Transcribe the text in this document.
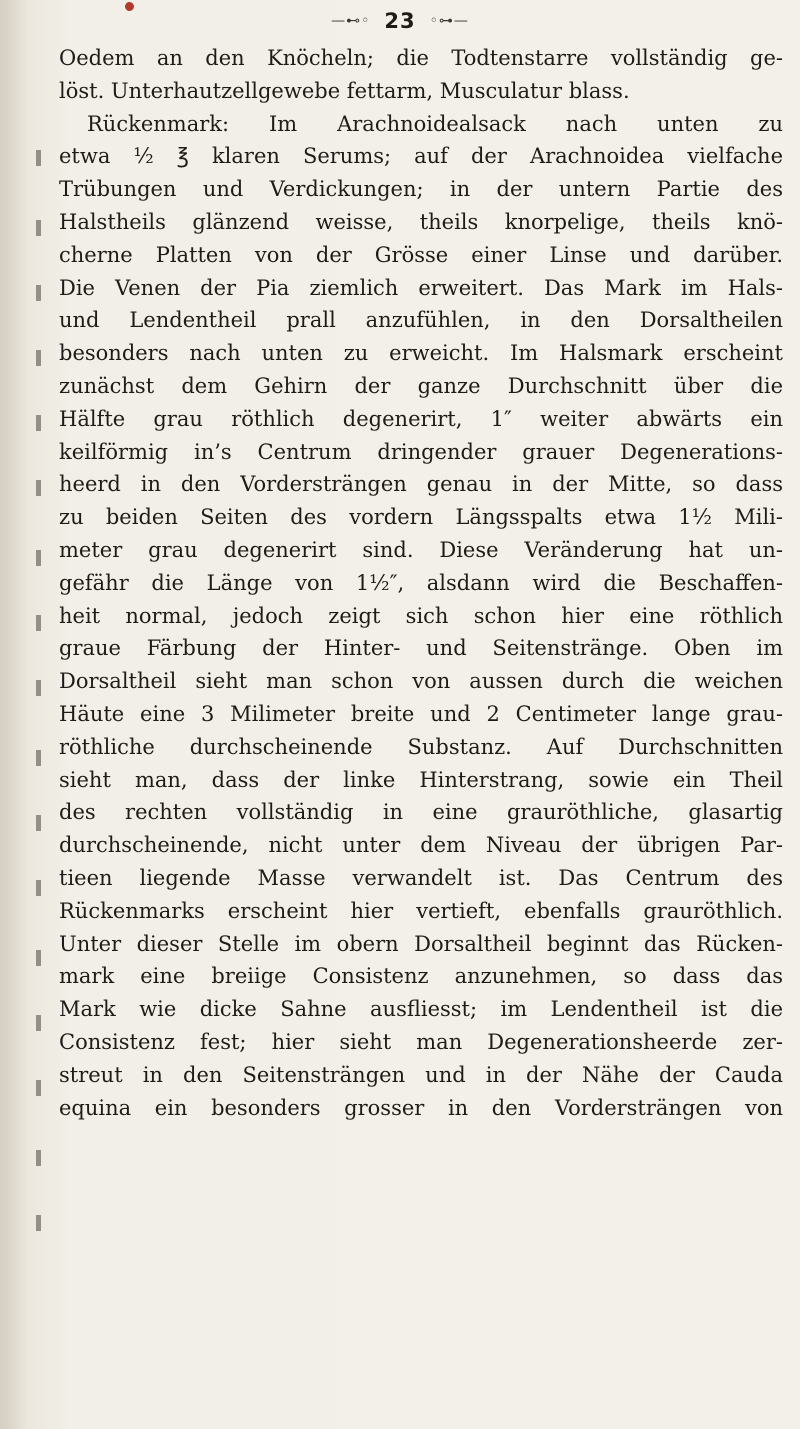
—⊷◦ 23 ◦⊶—
Oedem an den Knöcheln; die Todtenstarre vollständig ge-
löst. Unterhautzellgewebe fettarm, Musculatur blass.
Rückenmark: Im Arachnoidealsack nach unten zu
etwa ½ ℥ klaren Serums; auf der Arachnoidea vielfache
Trübungen und Verdickungen; in der untern Partie des
Halstheils glänzend weisse, theils knorpelige, theils knö-
cherne Platten von der Grösse einer Linse und darüber.
Die Venen der Pia ziemlich erweitert. Das Mark im Hals-
und Lendentheil prall anzufühlen, in den Dorsaltheilen
besonders nach unten zu erweicht. Im Halsmark erscheint
zunächst dem Gehirn der ganze Durchschnitt über die
Hälfte grau röthlich degenerirt, 1″ weiter abwärts ein
keilförmig in’s Centrum dringender grauer Degenerations-
heerd in den Vordersträngen genau in der Mitte, so dass
zu beiden Seiten des vordern Längsspalts etwa 1½ Mili-
meter grau degenerirt sind. Diese Veränderung hat un-
gefähr die Länge von 1½″, alsdann wird die Beschaffen-
heit normal, jedoch zeigt sich schon hier eine röthlich
graue Färbung der Hinter- und Seitenstränge. Oben im
Dorsaltheil sieht man schon von aussen durch die weichen
Häute eine 3 Milimeter breite und 2 Centimeter lange grau-
röthliche durchscheinende Substanz. Auf Durchschnitten
sieht man, dass der linke Hinterstrang, sowie ein Theil
des rechten vollständig in eine grauröthliche, glasartig
durchscheinende, nicht unter dem Niveau der übrigen Par-
tieen liegende Masse verwandelt ist. Das Centrum des
Rückenmarks erscheint hier vertieft, ebenfalls grauröthlich.
Unter dieser Stelle im obern Dorsaltheil beginnt das Rücken-
mark eine breiige Consistenz anzunehmen, so dass das
Mark wie dicke Sahne ausfliesst; im Lendentheil ist die
Consistenz fest; hier sieht man Degenerationsheerde zer-
streut in den Seitensträngen und in der Nähe der Cauda
equina ein besonders grosser in den Vordersträngen von
